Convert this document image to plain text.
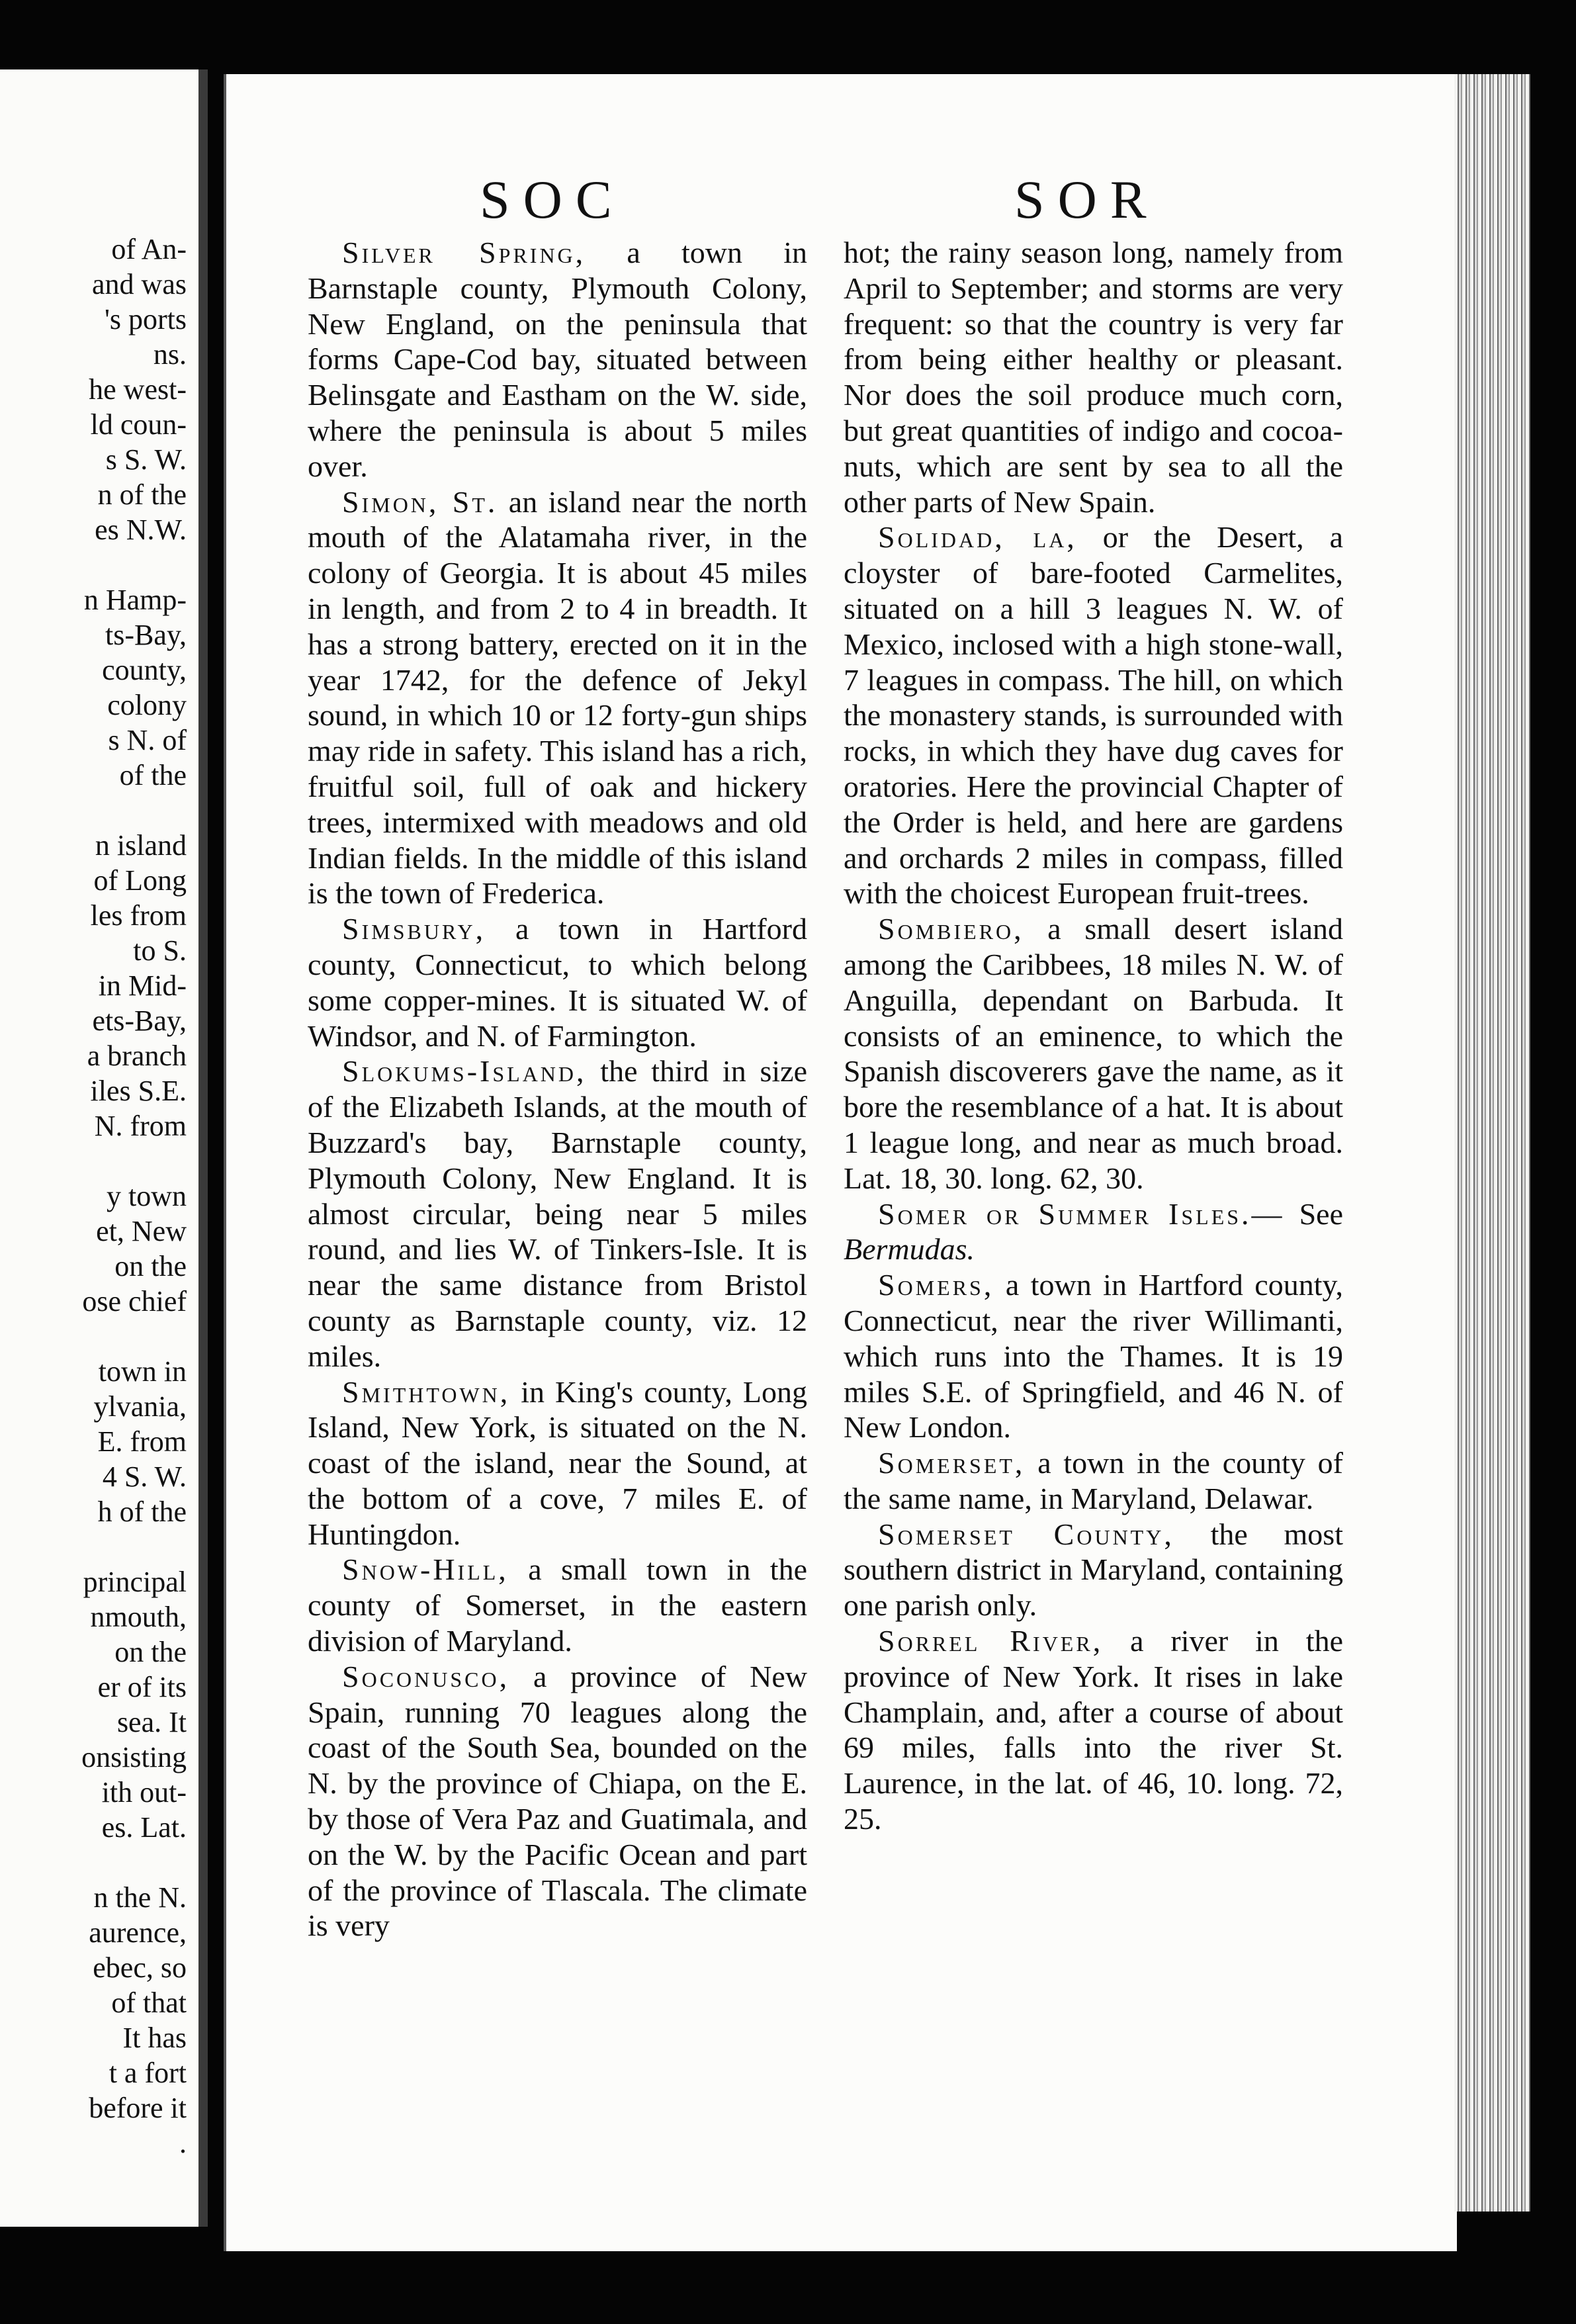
of An-
and was
's ports
ns.
he west-
ld coun-
s S. W.
n of the
es N.W.

n Hamp-
ts-Bay,
county,
colony
s N. of
of the

n island
of Long
les from
to S.
in Mid-
ets-Bay,
a branch
iles S.E.
N. from

y town
et, New
on the
ose chief

town in
ylvania,
E. from
4 S. W.
h of the

principal
nmouth,
on the
er of its
sea. It
onsisting
ith out-
es. Lat.

n the N.
aurence,
ebec, so
of that
It has
t a fort
before it
.
SOC	SOR

Silver Spring, a town in Barnstaple county, Plymouth Colony, New England, on the peninsula that forms Cape-Cod bay, situated between Belinsgate and Eastham on the W. side, where the peninsula is about 5 miles over.

Simon, St. an island near the north mouth of the Alatamaha river, in the colony of Georgia. It is about 45 miles in length, and from 2 to 4 in breadth. It has a strong battery, erected on it in the year 1742, for the defence of Jekyl sound, in which 10 or 12 forty-gun ships may ride in safety. This island has a rich, fruitful soil, full of oak and hickery trees, intermixed with meadows and old Indian fields. In the middle of this island is the town of Frederica.

Simsbury, a town in Hartford county, Connecticut, to which belong some copper-mines. It is situated W. of Windsor, and N. of Farmington.

Slokums-Island, the third in size of the Elizabeth Islands, at the mouth of Buzzard's bay, Barnstaple county, Plymouth Colony, New England. It is almost circular, being near 5 miles round, and lies W. of Tinkers-Isle. It is near the same distance from Bristol county as Barnstaple county, viz. 12 miles.

Smithtown, in King's county, Long Island, New York, is situated on the N. coast of the island, near the Sound, at the bottom of a cove, 7 miles E. of Huntingdon.

Snow-Hill, a small town in the county of Somerset, in the eastern division of Maryland.

Soconusco, a province of New Spain, running 70 leagues along the coast of the South Sea, bounded on the N. by the province of Chiapa, on the E. by those of Vera Paz and Guatimala, and on the W. by the Pacific Ocean and part of the province of Tlascala. The climate is very

hot; the rainy season long, namely from April to September; and storms are very frequent: so that the country is very far from being either healthy or pleasant. Nor does the soil produce much corn, but great quantities of indigo and cocoa-nuts, which are sent by sea to all the other parts of New Spain.

Solidad, la, or the Desert, a cloyster of bare-footed Carmelites, situated on a hill 3 leagues N. W. of Mexico, inclosed with a high stone-wall, 7 leagues in compass. The hill, on which the monastery stands, is surrounded with rocks, in which they have dug caves for oratories. Here the provincial Chapter of the Order is held, and here are gardens and orchards 2 miles in compass, filled with the choicest European fruit-trees.

Sombiero, a small desert island among the Caribbees, 18 miles N. W. of Anguilla, dependant on Barbuda. It consists of an eminence, to which the Spanish discoverers gave the name, as it bore the resemblance of a hat. It is about 1 league long, and near as much broad. Lat. 18, 30. long. 62, 30.

Somer or Summer Isles.— See Bermudas.

Somers, a town in Hartford county, Connecticut, near the river Willimanti, which runs into the Thames. It is 19 miles S.E. of Springfield, and 46 N. of New London.

Somerset, a town in the county of the same name, in Maryland, Delawar.

Somerset County, the most southern district in Maryland, containing one parish only.

Sorrel River, a river in the province of New York. It rises in lake Champlain, and, after a course of about 69 miles, falls into the river St. Laurence, in the lat. of 46, 10. long. 72, 25.
